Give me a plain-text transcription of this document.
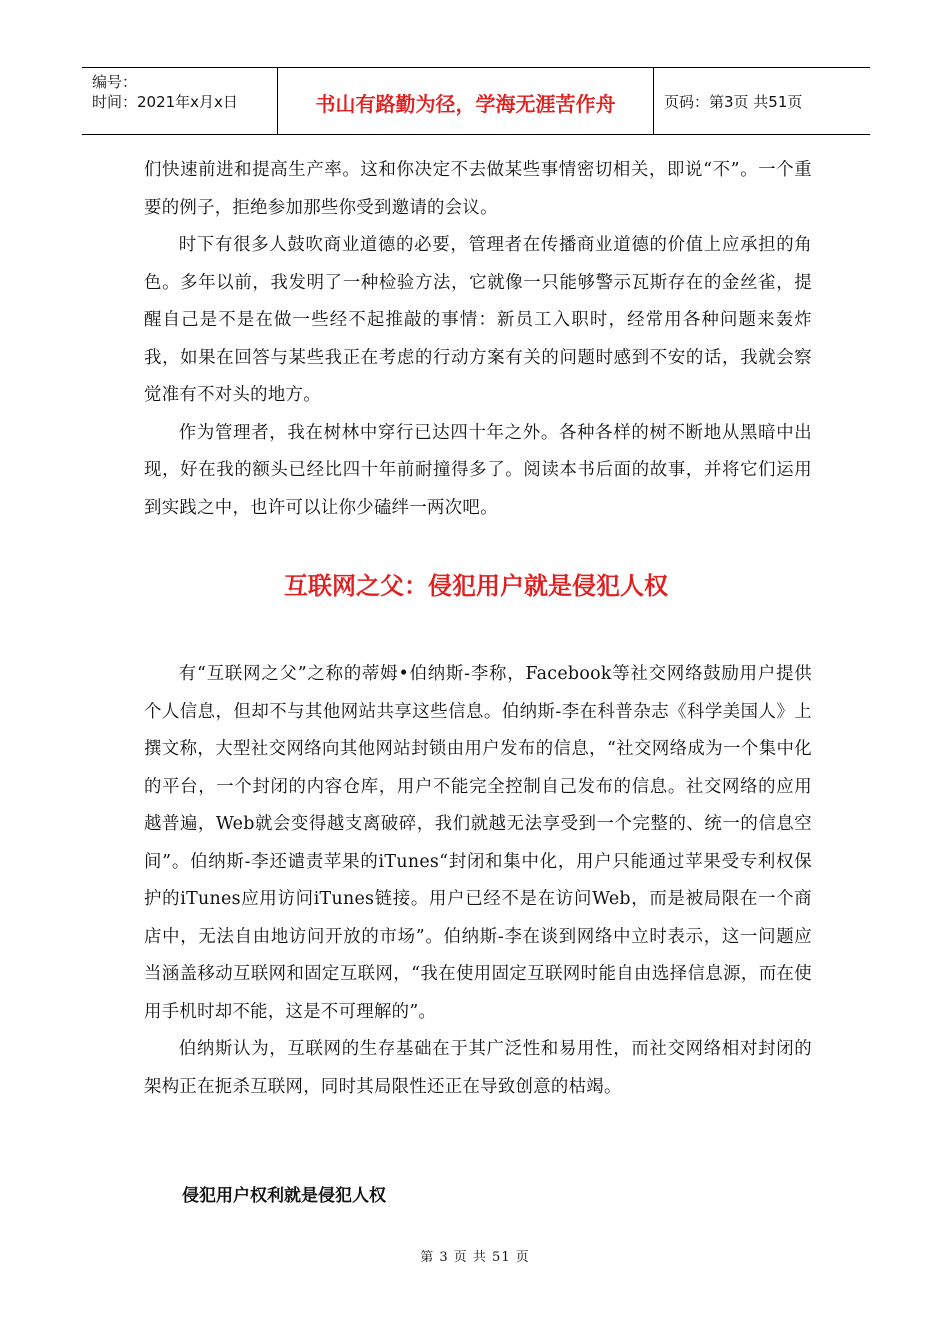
编号：
时间：2021年x月x日	书山有路勤为径，学海无涯苦作舟	页码：第3页 共51页

们快速前进和提高生产率。这和你决定不去做某些事情密切相关，即说“不”。一个重要的例子，拒绝参加那些你受到邀请的会议。

时下有很多人鼓吹商业道德的必要，管理者在传播商业道德的价值上应承担的角色。多年以前，我发明了一种检验方法，它就像一只能够警示瓦斯存在的金丝雀，提醒自己是不是在做一些经不起推敲的事情：新员工入职时，经常用各种问题来轰炸我，如果在回答与某些我正在考虑的行动方案有关的问题时感到不安的话，我就会察觉准有不对头的地方。

作为管理者，我在树林中穿行已达四十年之外。各种各样的树不断地从黑暗中出现，好在我的额头已经比四十年前耐撞得多了。阅读本书后面的故事，并将它们运用到实践之中，也许可以让你少磕绊一两次吧。

互联网之父：侵犯用户就是侵犯人权

有“互联网之父”之称的蒂姆•伯纳斯-李称，Facebook等社交网络鼓励用户提供个人信息，但却不与其他网站共享这些信息。伯纳斯-李在科普杂志《科学美国人》上撰文称，大型社交网络向其他网站封锁由用户发布的信息，“社交网络成为一个集中化的平台，一个封闭的内容仓库，用户不能完全控制自己发布的信息。社交网络的应用越普遍，Web就会变得越支离破碎，我们就越无法享受到一个完整的、统一的信息空间”。伯纳斯-李还谴责苹果的iTunes“封闭和集中化，用户只能通过苹果受专利权保护的iTunes应用访问iTunes链接。用户已经不是在访问Web，而是被局限在一个商店中，无法自由地访问开放的市场”。伯纳斯-李在谈到网络中立时表示，这一问题应当涵盖移动互联网和固定互联网，“我在使用固定互联网时能自由选择信息源，而在使用手机时却不能，这是不可理解的”。

伯纳斯认为，互联网的生存基础在于其广泛性和易用性，而社交网络相对封闭的架构正在扼杀互联网，同时其局限性还正在导致创意的枯竭。

侵犯用户权利就是侵犯人权
第 3 页 共 51 页
